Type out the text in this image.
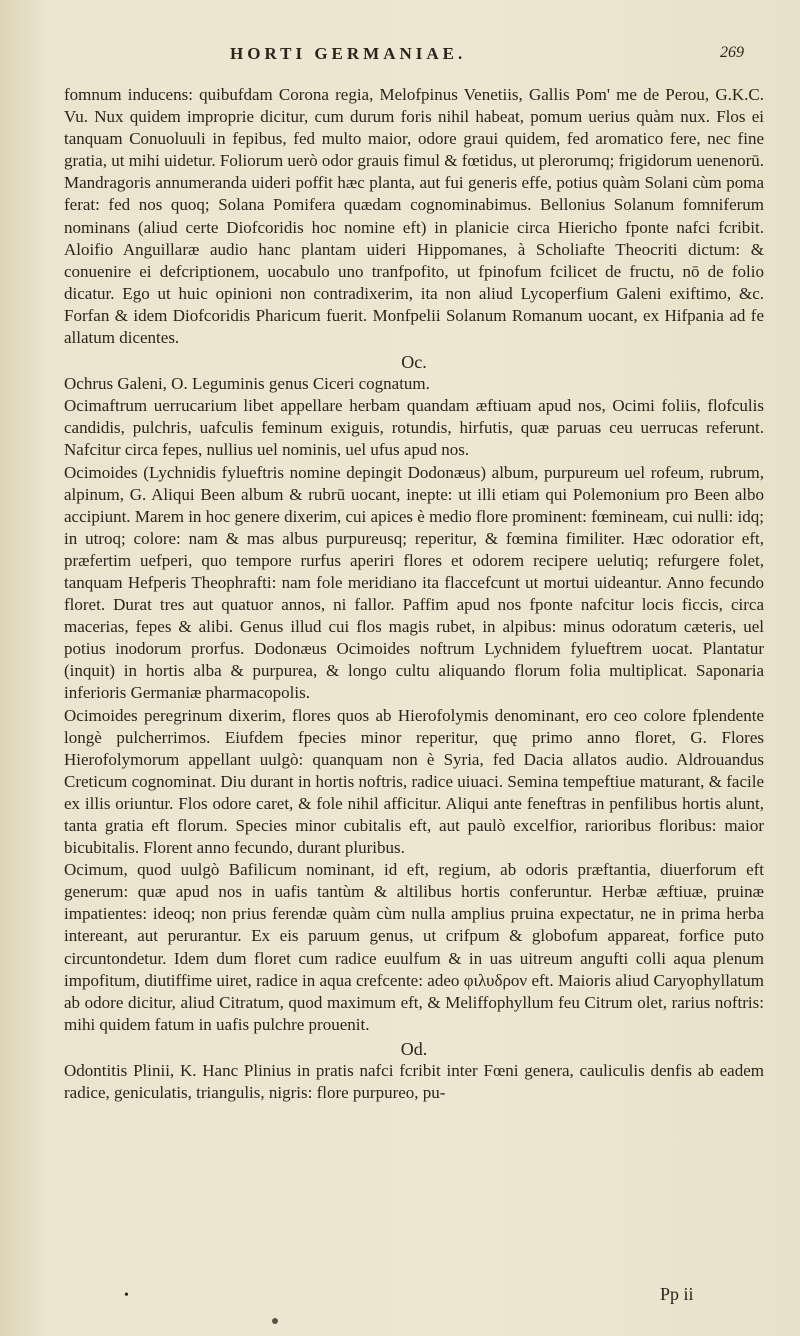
HORTI GERMANIAE.	269

fomnum inducens: quibufdam Corona regia, Melofpinus Venetiis, Gallis Pom' me de Perou, G.K.C. Vu. Nux quidem improprie dicitur, cum durum foris nihil habeat, pomum uerius quàm nux. Flos ei tanquam Conuoluuli in fepibus, fed multo maior, odore graui quidem, fed aromatico fere, nec fine gratia, ut mihi uidetur. Foliorum uerò odor grauis fimul & fœtidus, ut plerorumq; frigidorum uenenorū. Mandragoris annumeranda uideri poffit hæc planta, aut fui generis effe, potius quàm Solani cùm poma ferat: fed nos quoq; Solana Pomifera quædam cognominabimus. Bellonius Solanum fomniferum nominans (aliud certe Diofcoridis hoc nomine eft) in planicie circa Hiericho fponte nafci fcribit. Aloifio Anguillaræ audio hanc plantam uideri Hippomanes, à Scholiafte Theocriti dictum: & conuenire ei defcriptionem, uocabulo uno tranfpofito, ut fpinofum fcilicet de fructu, nō de folio dicatur. Ego ut huic opinioni non contradixerim, ita non aliud Lycoperfium Galeni exiftimo, &c. Forfan & idem Diofcoridis Pharicum fuerit. Monfpelii Solanum Romanum uocant, ex Hifpania ad fe allatum dicentes.

Oc.

Ochrus Galeni, O. Leguminis genus Ciceri cognatum.

Ocimaftrum uerrucarium libet appellare herbam quandam æftiuam apud nos, Ocimi foliis, flofculis candidis, pulchris, uafculis feminum exiguis, rotundis, hirfutis, quæ paruas ceu uerrucas referunt. Nafcitur circa fepes, nullius uel nominis, uel ufus apud nos.

Ocimoides (Lychnidis fylueftris nomine depingit Dodonæus) album, purpureum uel rofeum, rubrum, alpinum, G. Aliqui Been album & rubrū uocant, inepte: ut illi etiam qui Polemonium pro Been albo accipiunt. Marem in hoc genere dixerim, cui apices è medio flore prominent: fœmineam, cui nulli: idq; in utroq; colore: nam & mas albus purpureusq; reperitur, & fœmina fimiliter. Hæc odoratior eft, præfertim uefperi, quo tempore rurfus aperiri flores et odorem recipere uelutiq; refurgere folet, tanquam Hefperis Theophrafti: nam fole meridiano ita flaccefcunt ut mortui uideantur. Anno fecundo floret. Durat tres aut quatuor annos, ni fallor. Paffim apud nos fponte nafcitur locis ficcis, circa macerias, fepes & alibi. Genus illud cui flos magis rubet, in alpibus: minus odoratum cæteris, uel potius inodorum prorfus. Dodonæus Ocimoides noftrum Lychnidem fylueftrem uocat. Plantatur (inquit) in hortis alba & purpurea, & longo cultu aliquando florum folia multiplicat. Saponaria inferioris Germaniæ pharmacopolis.

Ocimoides peregrinum dixerim, flores quos ab Hierofolymis denominant, ero ceo colore fplendente longè pulcherrimos. Eiufdem fpecies minor reperitur, quę primo anno floret, G. Flores Hierofolymorum appellant uulgò: quanquam non è Syria, fed Dacia allatos audio. Aldrouandus Creticum cognominat. Diu durant in hortis noftris, radice uiuaci. Semina tempeftiue maturant, & facile ex illis oriuntur. Flos odore caret, & fole nihil afficitur. Aliqui ante feneftras in penfilibus hortis alunt, tanta gratia eft florum. Species minor cubitalis eft, aut paulò excelfior, rarioribus floribus: maior bicubitalis. Florent anno fecundo, durant pluribus.

Ocimum, quod uulgò Bafilicum nominant, id eft, regium, ab odoris præftantia, diuerforum eft generum: quæ apud nos in uafis tantùm & altilibus hortis conferuntur. Herbæ æftiuæ, pruinæ impatientes: ideoq; non prius ferendæ quàm cùm nulla amplius pruina expectatur, ne in prima herba intereant, aut perurantur. Ex eis paruum genus, ut crifpum & globofum appareat, forfice puto circuntondetur. Idem dum floret cum radice euulfum & in uas uitreum angufti colli aqua plenum impofitum, diutiffime uiret, radice in aqua crefcente: adeo φιλυδρον eft. Maioris aliud Caryophyllatum ab odore dicitur, aliud Citratum, quod maximum eft, & Meliffophyllum feu Citrum olet, rarius noftris: mihi quidem fatum in uafis pulchre prouenit.

Od.

Odontitis Plinii, K. Hanc Plinius in pratis nafci fcribit inter Fœni genera, cauliculis denfis ab eadem radice, geniculatis, triangulis, nigris: flore purpureo, pu-

•	Pp ii
